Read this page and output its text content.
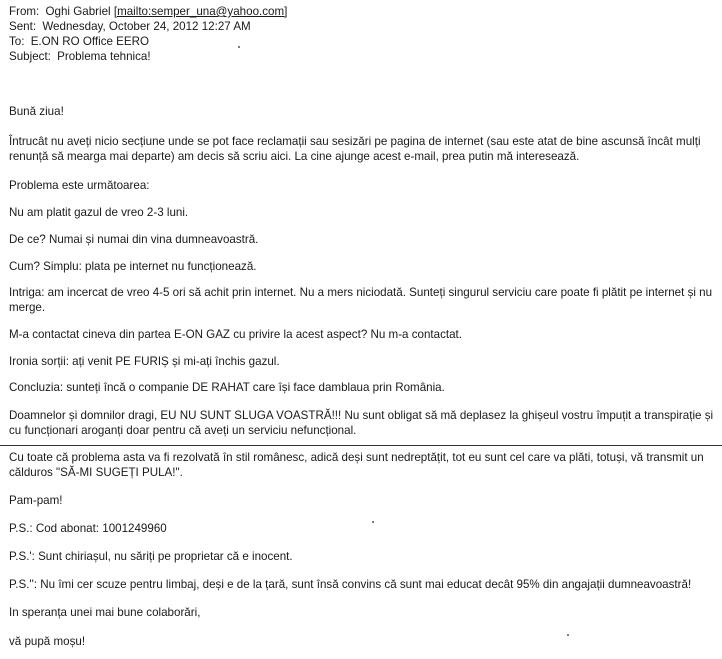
From: Oghi Gabriel [mailto:semper_una@yahoo.com]
Sent: Wednesday, October 24, 2012 12:27 AM
To: E.ON RO Office EERO
Subject: Problema tehnica!

Bună ziua!

Întrucât nu aveți nicio secțiune unde se pot face reclamații sau sesizări pe pagina de internet (sau este atat de bine ascunsă încât mulți renunță să mearga mai departe) am decis să scriu aici. La cine ajunge acest e-mail, prea putin mă interesează.

Problema este următoarea:

Nu am platit gazul de vreo 2-3 luni.

De ce? Numai și numai din vina dumneavoastră.

Cum? Simplu: plata pe internet nu funcționează.

Intriga: am incercat de vreo 4-5 ori să achit prin internet. Nu a mers niciodată. Sunteți singurul serviciu care poate fi plătit pe internet și nu merge.

M-a contactat cineva din partea E-ON GAZ cu privire la acest aspect? Nu m-a contactat.

Ironia sorții: ați venit PE FURIȘ și mi-ați închis gazul.

Concluzia: sunteți încă o companie DE RAHAT care își face damblaua prin România.

Doamnelor și domnilor dragi, EU NU SUNT SLUGA VOASTRĂ!!! Nu sunt obligat să mă deplasez la ghișeul vostru împuțit a transpirație și cu funcționari aroganți doar pentru că aveți un serviciu nefuncțional.

Cu toate că problema asta va fi rezolvată în stil românesc, adică deși sunt nedreptățit, tot eu sunt cel care va plăti, totuși, vă transmit un călduros "SĂ-MI SUGEȚI PULA!".

Pam-pam!

P.S.: Cod abonat: 1001249960

P.S.': Sunt chiriașul, nu săriți pe proprietar că e inocent.

P.S.'': Nu îmi cer scuze pentru limbaj, deși e de la țară, sunt însă convins că sunt mai educat decât 95% din angajații dumneavoastră!

In speranța unei mai bune colaborări,

vă pupă moșu!
